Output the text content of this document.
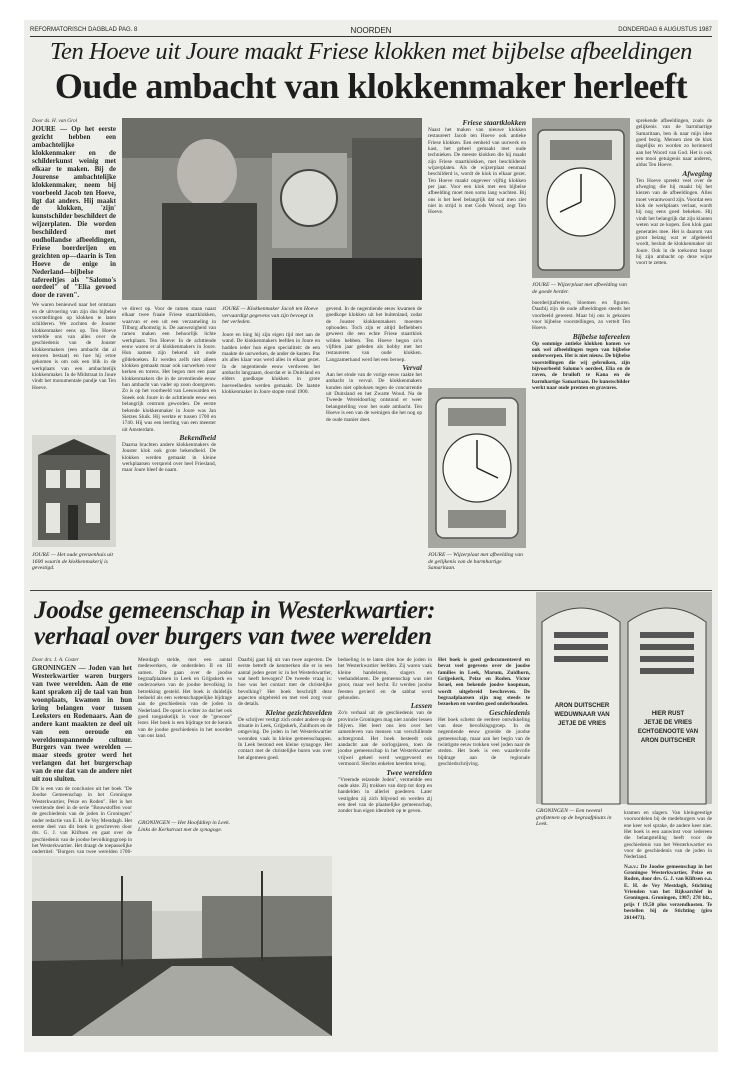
REFORMATORISCH DAGBLAD PAG. 8	NOORDEN	DONDERDAG 6 AUGUSTUS 1987
Ten Hoeve uit Joure maakt Friese klokken met bijbelse afbeeldingen
Oude ambacht van klokkenmaker herleeft
Door ds. H. van Grol
JOURE — Op het eerste gezicht hebben een ambachtelijke klokkenmaker en de schilderkunst weinig met elkaar te maken. Bij de Jourense ambachtelijke klokkenmaker, neem bij voorbeeld Jacob ten Hoeve, ligt dat anders. Hij maakt de klokken, 'zijn' kunstschilder beschildert de wijzerplaten. Die worden beschilderd met oudhollandse afbeeldingen, Friese boerderijen en gezichten op—daarin is Ten Hoeve de enige in Nederland—bijbelse tafereeltjes als "Salomo's oordeel" of "Elia gevoed door de raven".
We waren benieuwd naar het ontstaan en de uitvoering van zijn dus bijbelse voorstellingen op klokken te laten schilderen. We zochten de Jouster klokkenmaker eens op. Ten Hoeve vertelde ons van alles over de geschiedenis van de Jouster klokkenmakers (een ambacht dat al eeuwen bestaat) en hoe hij ertoe gekomen is om ook een blik in de werkplaats van een ambachtelijk klokkenmaker. In de Midstraat in Joure vindt het monumentale pandje van Ten Hoeve.
JOURE — Het oude grenzenhuis uit 1600 waarin de klokkenmakerij is gevestigd.
ve direct op. Voor de ramen staan naast elkaar twee fraaie Friese staartklokken, waarvan er een uit een verzameling in Tilburg afkomstig is. De aanwezigheid van ramen maken een behoorlijk lichte werkplaats. Ten Hoeve: In de achttiende eeuw waren er al klokkenmakers in Joure. Hun namen zijn bekend uit oude gildeboeken. Er werden zelfs niet alleen klokken gemaakt maar ook uurwerken voor kerken en torens. Het begon met een paar klokkenmakers die in de zeventiende eeuw hun ambacht van vader op zoon doorgaven. Zo is op het voorbeeld van Leeuwarden en Sneek ook Joure in de achttiende eeuw een belangrijk centrum geworden. De eerste bekende klokkenmaker in Joure was Jan Sietzes Sluik. Hij werkte er tussen 1700 en 1740. Hij was een leerling van een meester uit Amsterdam.
Bekendheid
Daarna brachten andere klokkenmakers de Jouster klok ook grote bekendheid. De klokken werden gemaakt in kleine werkplaatsen verspreid over heel Friesland, maar Joure bleef de naam.
JOURE — Klokkenmaker Jacob ten Hoeve vervaardigt gegevens van zijn bevoegt in het verleden.
Joure en hing hij zijn eigen tijd met aan de wand. De klokkenmakers leefden in Joure en hadden ieder hun eigen specialiteit: de een maakte de uurwerken, de ander de kasten. Pas als alles klaar was werd alles in elkaar gezet. In de negentiende eeuw verdween het ambacht langzaam, doordat er in Duitsland en elders goedkope klokken in grote hoeveelheden werden gemaakt. De laatste klokkenmaker in Joure stopte rond 1900.
gevend. In de negentiende eeuw kwamen de goedkope klokken uit het buitenland, zodat de Jouster klokkenmakers moesten ophouden. Toch zijn er altijd liefhebbers geweest die een echte Friese staartklok wilden hebben. Ten Hoeve begon zo'n vijftien jaar geleden als hobby met het restaureren van oude klokken. Langzamerhand werd het een beroep.
Verval
Aan het einde van de vorige eeuw raakte het ambacht in verval. De klokkenmakers konden niet opboksen tegen de concurrentie uit Duitsland en het Zwarte Woud. Na de Tweede Wereldoorlog ontstond er weer belangstelling voor het oude ambacht. Ten Hoeve is een van de weinigen die het nog op de oude manier doet.
Friese staartklokken
Naast het maken van nieuwe klokken restaureert Jacob ten Hoeve ook antieke Friese klokken. Een eenheid van uurwerk en kast, het geheel gemaakt met oude technieken. De meeste klokken die hij maakt zijn Friese staartklokken, met beschilderde wijzerplaten. Als de wijzerplaat eenmaal beschilderd is, wordt de klok in elkaar gezet. Ten Hoeve maakt ongeveer vijftig klokken per jaar. Voor een klok met een bijbelse afbeelding moet men soms lang wachten. Bij ons is het heel belangrijk dat wat men ziet niet in strijd is met Gods Woord, zegt Ten Hoeve.
JOURE — Wijzerplaat met afbeelding van de gelijkenis van de barmhartige Samaritaan.
JOURE — Wijzerplaat met afbeelding van de goede herder.
boerderijtaferelen, bloemen en figuren. Daarbij zijn de oude afbeeldingen steeds het voorbeeld geweest. Maar bij ons is gekozen voor bijbelse voorstellingen, zo vertelt Ten Hoeve.
Bijbelse tafereelen
Op sommige antieke klokken komen we ook wel afbeeldingen tegen van bijbelse onderwerpen. Het is niet nieuw. De bijbelse voorstellingen die wij gebruiken, zijn bijvoorbeeld Salomo's oordeel, Elia en de raven, de bruiloft te Kana en de barmhartige Samaritaan. De kunstschilder werkt naar oude prenten en gravures.
sprekende afbeeldingen, zoals de gelijkenis van de barmhartige Samaritaan, ben ik naar mijn idee goed bezig. Mensen zien de klok dagelijks en worden zo herinnerd aan het Woord van God. Het is ook een mooi getuigenis naar anderen, aldus Ten Hoeve.
Afweging
Ten Hoeve spreekt veel over de afweging die hij maakt bij het kiezen van de afbeeldingen. Alles moet verantwoord zijn. Voordat een klok de werkplaats verlaat, wordt hij nog eens goed bekeken. Hij vindt het belangrijk dat zijn klanten weten wat ze kopen. Een klok gaat generaties mee. Het is daarom van groot belang wat er afgebeeld wordt, besluit de klokkenmaker uit Joure. Ook in de toekomst hoopt hij zijn ambacht op deze wijze voort te zetten.
Joodse gemeenschap in Westerkwartier:
verhaal over burgers van twee werelden
ARON DUITSCHER
WEDUWNAAR VAN
JETJE DE VRIES
HIER RUST
JETJE DE VRIES
ECHTGENOOTE VAN
ARON DUITSCHER
GRONINGEN — Een tweetal grafstenen op de begraafplaats in Leek.
Door drs. J. A. Coster
GRONINGEN — Joden van het Westerkwartier waren burgers van twee werelden. Aan de ene kant spraken zij de taal van hun woonplaats, kwamen in hun kring belangen voor tussen Leeksters en Rodenaars. Aan de andere kant maakten ze deel uit van een oeroude en wereldomspannende cultuur. Burgers van twee werelden — maar steeds groter werd het verlangen dat het burgerschap van de ene dat van de andere niet uit zou sluiten.
Dit is een van de conclusies uit het boek "De Joodse Gemeenschap in het Groningse Westerkwartier, Peize en Roden". Het is het veertiende deel in de serie "Bouwstoffen voor de geschiedenis van de joden in Groningen" onder redactie van E. H. de Vey Mestdagh. Het eerste deel van dit boek is geschreven door drs. G. J. van Kliftsen en gaat over de geschiedenis van de joodse bevolkingsgroep in het Westerkwartier. Het draagt de toepasselijke ondertitel: "Burgers van twee werelden 1700-
Mestdagh stelde, met een aantal medewerkers, de onderdelen II en III samen. Die gaan over de joodse begraafplaatsen in Leek en Grijpskerk en onderzoeken van de joodse bevolking in betrekking gesteld. Het boek is duidelijk bedoeld als een wetenschappelijke bijdrage aan de geschiedenis van de joden in Nederland. De opzet is echter zo dat het ook goed toegankelijk is voor de "gewone" lezer. Het boek is een bijdrage tot de kennis van de joodse geschiedenis in het noorden van ons land.
GRONINGEN — Het Hoofddiep in Leek. Links de Kerkstraat met de synagoge.
Daarbij gaat hij uit van twee aspecten. De eerste betreft de kenmerken die er in een aantal joden gezet is: in het Westerkwartier, wat heeft bewogen? De tweede vraag is: hoe was het contact met de christelijke bevolking? Het boek beschrijft deze aspecten uitgebreid en met veel zorg voor de details.
Kleine gezichtsvelden
De schrijver vestigt zich onder andere op de situatie in Leek, Grijpskerk, Zuidhorn en de omgeving. De joden in het Westerkwartier woonden vaak in kleine gemeenschappen. In Leek bestond een kleine synagoge. Het contact met de christelijke buren was over het algemeen goed.
bedoeling is te laten zien hoe de joden in het Westerkwartier leefden. Zij waren vaak kleine handelaren, slagers en veehandelaren. De gemeenschap was niet groot, maar wel hecht. Er werden joodse feesten gevierd en de sabbat werd gehouden.
Lessen
Zo'n verhaal uit de geschiedenis van de provincie Groningen mag niet zonder lessen blijven. Het leert ons iets over het samenleven van mensen van verschillende achtergrond. Het boek besteedt ook aandacht aan de oorlogsjaren, toen de joodse gemeenschap in het Westerkwartier vrijwel geheel werd weggevoerd en vermoord. Slechts enkelen keerden terug.
Twee werelden
"Vreemde reizende Joden", vermeldde een oude akte. Zij trokken van dorp tot dorp en handelden in allerlei goederen. Later vestigden zij zich blijvend en werden zij een deel van de plaatselijke gemeenschap, zonder hun eigen identiteit op te geven.
Het boek is goed gedocumenteerd en bevat veel gegevens over de joodse families in Leek, Marum, Zuidhorn, Grijpskerk, Peize en Roden. Victor Israel, een bekende joodse koopman, wordt uitgebreid beschreven. De begraafplaatsen zijn nog steeds te bezoeken en worden goed onderhouden.
Geschiedenis
Het boek schetst de eerdere ontwikkeling van deze bevolkingsgroep. In de negentiende eeuw groeide de joodse gemeenschap, maar aan het begin van de twintigste eeuw trokken veel joden naar de steden. Het boek is een waardevolle bijdrage aan de regionale geschiedschrijving.
kramen en slagers. Van kleingeestige vooroordelen bij de medeburgers was de ene keer wel sprake, de andere keer niet. Het boek is een aanwinst voor iedereen die belangstelling heeft voor de geschiedenis van het Westerkwartier en voor de geschiedenis van de joden in Nederland.
N.a.v.: De Joodse gemeenschap in het Groningse Westerkwartier, Peize en Roden, door drs. G. J. van Kliftsen e.a. E. H. de Vey Mestdagh, Stichting Vrienden van het Rijksarchief in Groningen. Groningen, 1987; 278 blz., prijs f 19,50 plus verzendkosten. Te bestellen bij de Stichting (giro 2614473).
